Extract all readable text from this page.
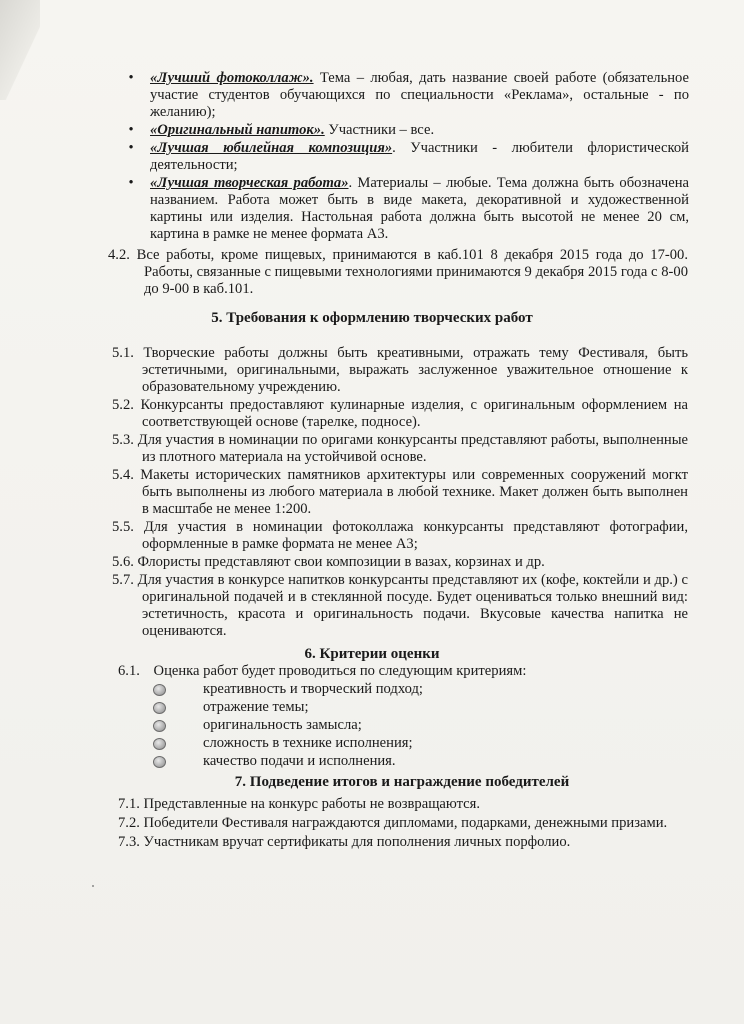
•	«Лучший фотоколлаж». Тема – любая, дать название своей работе (обязательное участие студентов обучающихся по специальности «Реклама», остальные - по желанию);
•	«Оригинальный напиток». Участники – все.
•	«Лучшая юбилейная композиция». Участники - любители флористической деятельности;
•	«Лучшая творческая работа». Материалы – любые. Тема должна быть обозначена названием. Работа может быть в виде макета, декоративной и художественной картины или изделия. Настольная работа должна быть высотой не менее 20 см, картина в рамке не менее формата А3.
4.2. Все работы, кроме пищевых, принимаются в каб.101 8 декабря 2015 года до 17-00. Работы, связанные с пищевыми технологиями принимаются 9 декабря 2015 года с 8-00 до 9-00 в каб.101.
5. Требования к оформлению творческих работ
5.1. Творческие работы должны быть креативными, отражать тему Фестиваля, быть эстетичными, оригинальными, выражать заслуженное уважительное отношение к образовательному учреждению.
5.2. Конкурсанты предоставляют кулинарные изделия, с оригинальным оформлением на соответствующей основе (тарелке, подносе).
5.3. Для участия в номинации по оригами конкурсанты представляют работы, выполненные из плотного материала на устойчивой основе.
5.4. Макеты исторических памятников архитектуры или современных сооружений могкт быть выполнены из любого материала в любой технике. Макет должен быть выполнен в масштабе не менее 1:200.
5.5. Для участия в номинации фотоколлажа конкурсанты представляют фотографии, оформленные в рамке формата не менее А3;
5.6. Флористы представляют свои композиции в вазах, корзинах и др.
5.7. Для участия в конкурсе напитков конкурсанты представляют их (кофе, коктейли и др.) с оригинальной подачей и в стеклянной посуде. Будет оцениваться только внешний вид: эстетичность, красота и оригинальность подачи. Вкусовые качества напитка не оцениваются.
6. Критерии оценки
6.1. Оценка работ будет проводиться по следующим критериям:
креативность и творческий подход;
отражение темы;
оригинальность замысла;
сложность в технике исполнения;
качество подачи и исполнения.
7. Подведение итогов и награждение победителей
7.1. Представленные на конкурс работы не возвращаются.
7.2. Победители Фестиваля награждаются дипломами, подарками, денежными призами.
7.3. Участникам вручат сертификаты для пополнения личных порфолио.
